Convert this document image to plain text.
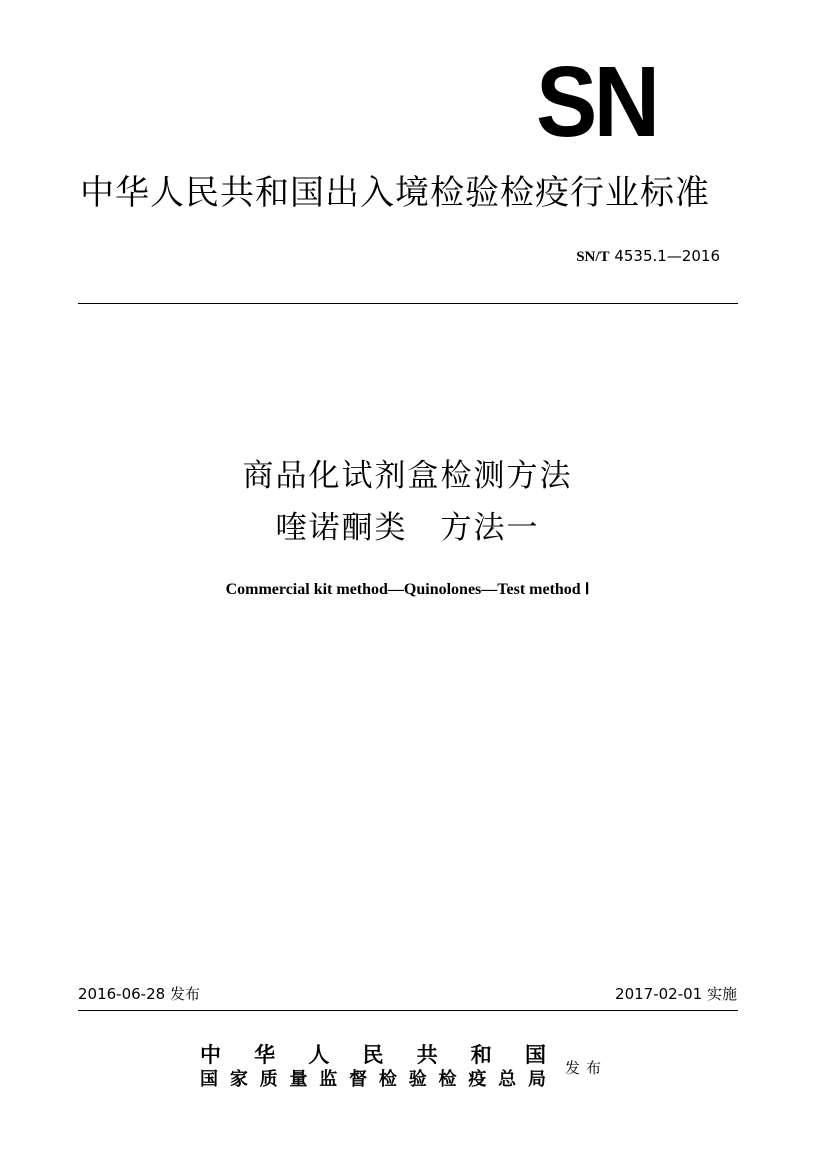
SN
中华人民共和国出入境检验检疫行业标准
SN/T 4535.1—2016
商品化试剂盒检测方法
喹诺酮类　方法一
Commercial kit method—Quinolones—Test method Ⅰ
2016-06-28 发布	2017-02-01 实施
中 华 人 民 共 和 国
国 家 质 量 监 督 检 验 检 疫 总 局
发布
